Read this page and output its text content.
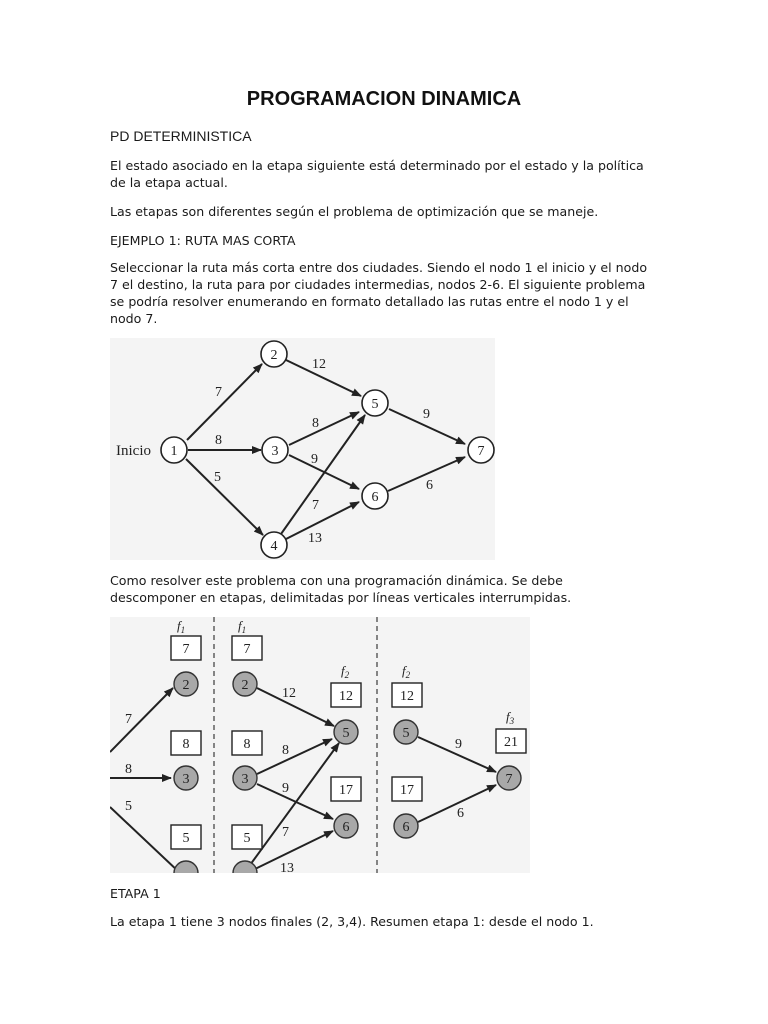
PROGRAMACION DINAMICA
PD DETERMINISTICA
El estado asociado en la etapa siguiente está determinado por el estado y la política de la etapa actual.
Las etapas son diferentes según el problema de optimización que se maneje.
EJEMPLO 1: RUTA MAS CORTA
Seleccionar la ruta más corta entre dos ciudades. Siendo el nodo 1 el inicio y el nodo 7 el destino, la ruta para por ciudades intermedias, nodos 2-6. El siguiente problema se podría resolver enumerando en formato detallado las rutas entre el nodo 1 y el nodo 7.
Inicio
7
8
5
12
8
9
7
13
9
6
1
2
3
4
5
6
7
Como resolver este problema con una programación dinámica. Se debe descomponer en etapas, delimitadas por líneas verticales interrumpidas.
$f_1$	$f_1$
$f_2$	$f_2$
$f_3$
7
8
5
12
8
9
7
13
9
6
7
8
5
7
8
5
12
17
12
17
21
2
3
2
3
5
6
5
6
7
ETAPA 1
La etapa 1 tiene 3 nodos finales (2, 3,4). Resumen etapa 1: desde el nodo 1.
